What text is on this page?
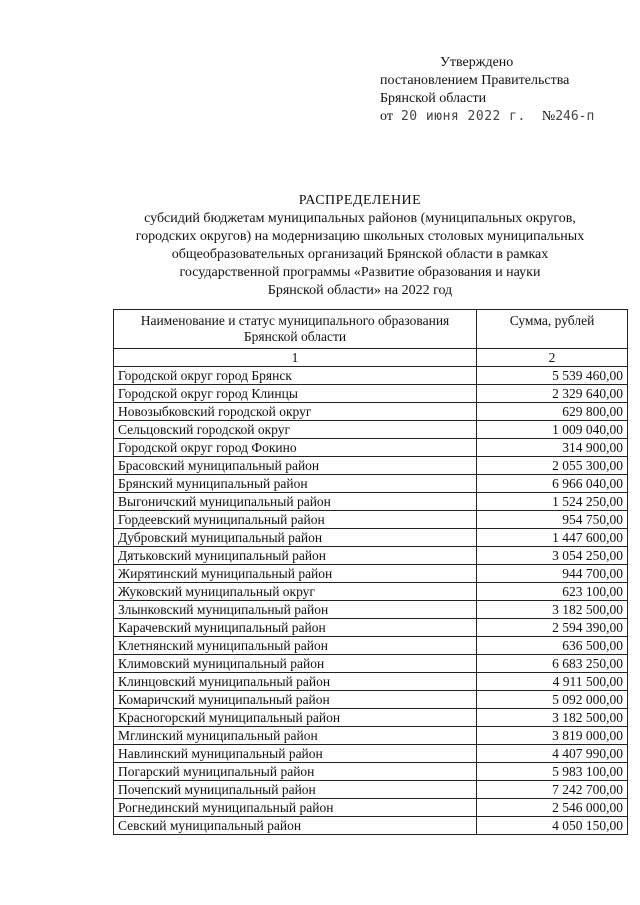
Утверждено
постановлением Правительства
Брянской области
от 20 июня 2022 г. № 246-п
РАСПРЕДЕЛЕНИЕ
субсидий бюджетам муниципальных районов (муниципальных округов,
городских округов) на модернизацию школьных столовых муниципальных
общеобразовательных организаций Брянской области в рамках
государственной программы «Развитие образования и науки
Брянской области» на 2022 год
Наименование и статус муниципального образования Брянской области	Сумма, рублей
1	2
Городской округ город Брянск	5 539 460,00
Городской округ город Клинцы	2 329 640,00
Новозыбковский городской округ	629 800,00
Сельцовский городской округ	1 009 040,00
Городской округ город Фокино	314 900,00
Брасовский муниципальный район	2 055 300,00
Брянский муниципальный район	6 966 040,00
Выгоничский муниципальный район	1 524 250,00
Гордеевский муниципальный район	954 750,00
Дубровский муниципальный район	1 447 600,00
Дятьковский муниципальный район	3 054 250,00
Жирятинский муниципальный район	944 700,00
Жуковский муниципальный округ	623 100,00
Злынковский муниципальный район	3 182 500,00
Карачевский муниципальный район	2 594 390,00
Клетнянский муниципальный район	636 500,00
Климовский муниципальный район	6 683 250,00
Клинцовский муниципальный район	4 911 500,00
Комаричский муниципальный район	5 092 000,00
Красногорский муниципальный район	3 182 500,00
Мглинский муниципальный район	3 819 000,00
Навлинский муниципальный район	4 407 990,00
Погарский муниципальный район	5 983 100,00
Почепский муниципальный район	7 242 700,00
Рогнединский муниципальный район	2 546 000,00
Севский муниципальный район	4 050 150,00
